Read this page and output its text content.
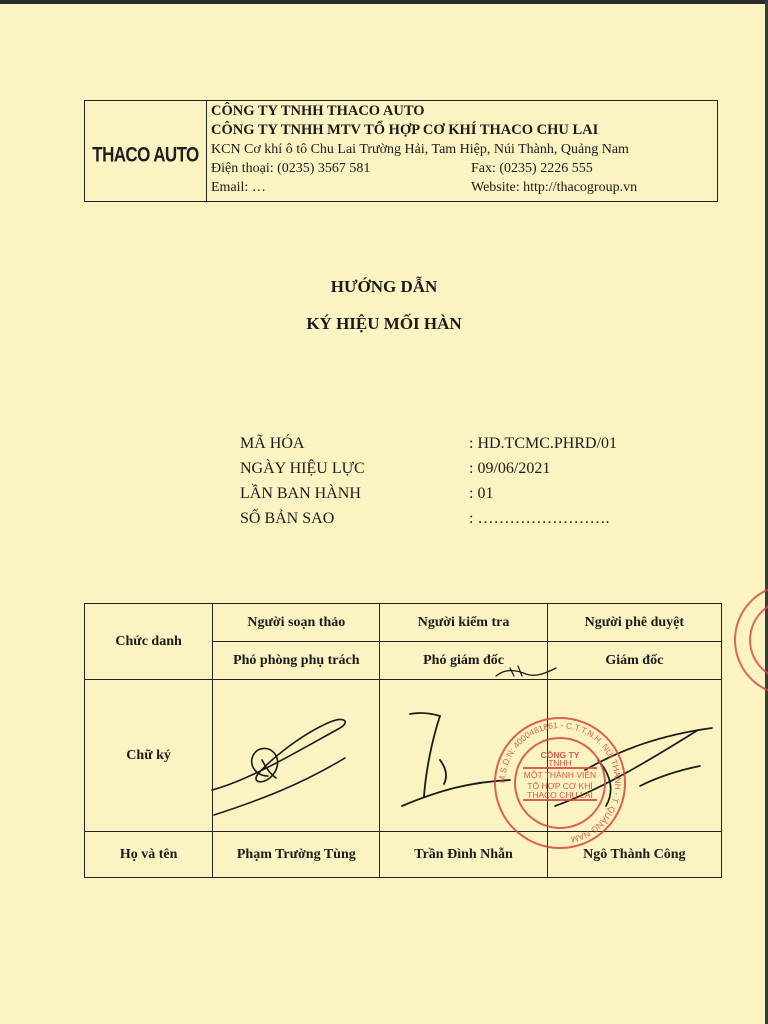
THACO AUTO
CÔNG TY TNHH THACO AUTO
CÔNG TY TNHH MTV TỔ HỢP CƠ KHÍ THACO CHU LAI
KCN Cơ khí ô tô Chu Lai Trường Hải, Tam Hiệp, Núi Thành, Quảng Nam
Điện thoại: (0235) 3567 581	Fax: (0235) 2226 555
Email: …	Website: http://thacogroup.vn
HƯỚNG DẪN
KÝ HIỆU MỐI HÀN
MÃ HÓA	: HD.TCMC.PHRD/01
NGÀY HIỆU LỰC	: 09/06/2021
LẦN BAN HÀNH	: 01
SỐ BẢN SAO	: …………………….
Chức danh	Người soạn thảo	Người kiểm tra	Người phê duyệt
	Phó phòng phụ trách	Phó giám đốc	Giám đốc
Chữ ký			
Họ và tên	Phạm Trường Tùng	Trần Đình Nhẫn	Ngô Thành Công
CÔNG TY
TNHH
MỘT THÀNH VIÊN
TỔ HỢP CƠ KHÍ
THACO CHU LAI
M.S.D.N: 4000481861 - C.T.T.N.H. NÚI THÀNH - T. QUẢNG NAM
